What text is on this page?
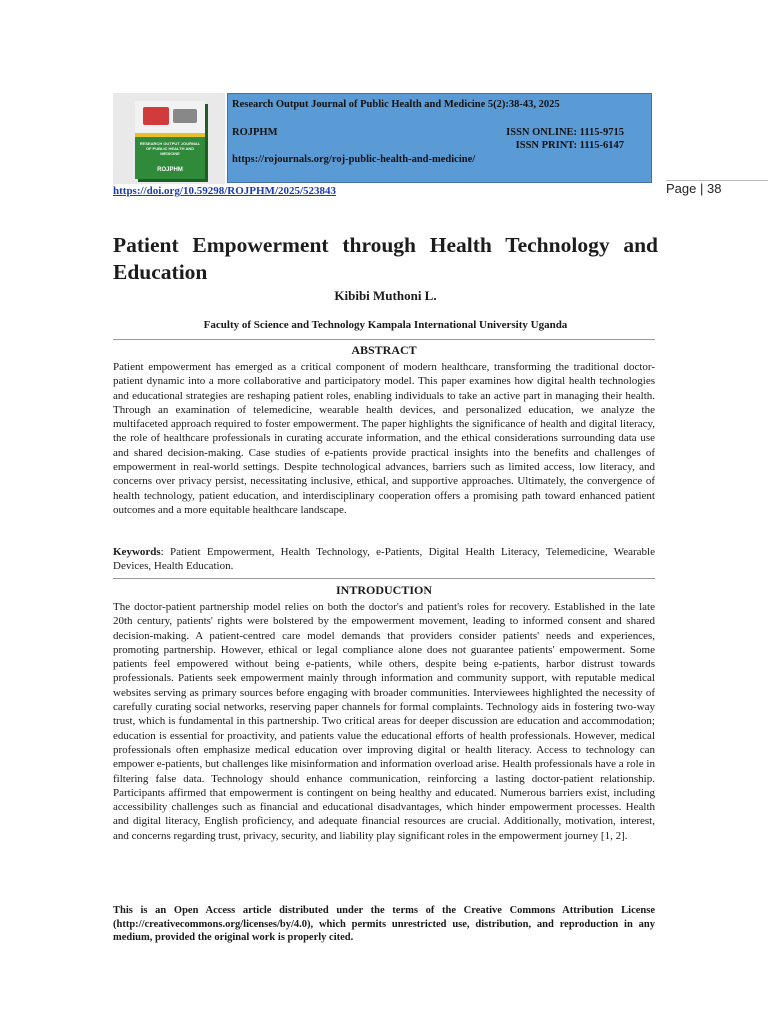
RESEARCH OUTPUT JOURNAL OF PUBLIC HEALTH AND MEDICINE
ROJPHM
Research Output Journal of Public Health and Medicine 5(2):38-43, 2025
ROJPHM	ISSN ONLINE: 1115-9715
ISSN PRINT: 1115-6147
https://rojournals.org/roj-public-health-and-medicine/
https://doi.org/10.59298/ROJPHM/2025/523843	Page | 38
Patient Empowerment through Health Technology and Education
Kibibi Muthoni L.
Faculty of Science and Technology Kampala International University Uganda
ABSTRACT

Patient empowerment has emerged as a critical component of modern healthcare, transforming the traditional doctor-patient dynamic into a more collaborative and participatory model. This paper examines how digital health technologies and educational strategies are reshaping patient roles, enabling individuals to take an active part in managing their health. Through an examination of telemedicine, wearable health devices, and personalized education, we analyze the multifaceted approach required to foster empowerment. The paper highlights the significance of health and digital literacy, the role of healthcare professionals in curating accurate information, and the ethical considerations surrounding data use and shared decision-making. Case studies of e-patients provide practical insights into the benefits and challenges of empowerment in real-world settings. Despite technological advances, barriers such as limited access, low literacy, and concerns over privacy persist, necessitating inclusive, ethical, and supportive approaches. Ultimately, the convergence of health technology, patient education, and interdisciplinary cooperation offers a promising path toward enhanced patient outcomes and a more equitable healthcare landscape.

Keywords: Patient Empowerment, Health Technology, e-Patients, Digital Health Literacy, Telemedicine, Wearable Devices, Health Education.

INTRODUCTION

The doctor-patient partnership model relies on both the doctor's and patient's roles for recovery. Established in the late 20th century, patients' rights were bolstered by the empowerment movement, leading to informed consent and shared decision-making. A patient-centred care model demands that providers consider patients' needs and experiences, promoting partnership. However, ethical or legal compliance alone does not guarantee patients' empowerment. Some patients feel empowered without being e-patients, while others, despite being e-patients, harbor distrust towards professionals. Patients seek empowerment mainly through information and community support, with reputable medical websites serving as primary sources before engaging with broader communities. Interviewees highlighted the necessity of carefully curating social networks, reserving paper channels for formal complaints. Technology aids in fostering two-way trust, which is fundamental in this partnership. Two critical areas for deeper discussion are education and accommodation; education is essential for proactivity, and patients value the educational efforts of health professionals. However, medical professionals often emphasize medical education over improving digital or health literacy. Access to technology can empower e-patients, but challenges like misinformation and information overload arise. Health professionals have a role in filtering false data. Technology should enhance communication, reinforcing a lasting doctor-patient relationship. Participants affirmed that empowerment is contingent on being healthy and educated. Numerous barriers exist, including accessibility challenges such as financial and educational disadvantages, which hinder empowerment processes. Health and digital literacy, English proficiency, and adequate financial resources are crucial. Additionally, motivation, interest, and concerns regarding trust, privacy, security, and liability play significant roles in the empowerment journey [1, 2].

This is an Open Access article distributed under the terms of the Creative Commons Attribution License (http://creativecommons.org/licenses/by/4.0), which permits unrestricted use, distribution, and reproduction in any medium, provided the original work is properly cited.
